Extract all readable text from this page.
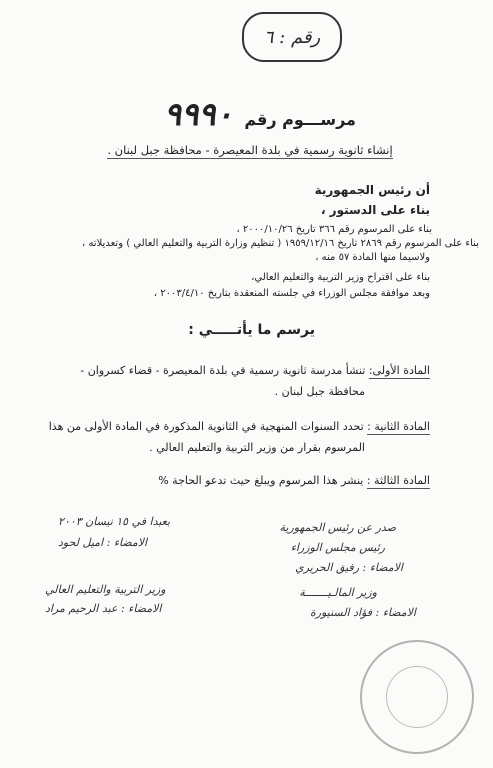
رقم : ٦
مرســـوم رقم ٩٩٩٠
إنشاء ثانوية رسمية في بلدة المعيصرة - محافظة جبل لبنان .
أن رئيس الجمهورية
بناء على الدستور ،
بناء على المرسوم رقم ٣٦٦ تاريخ ٢٠٠٠/١٠/٢٦ ،
بناء على المرسوم رقم ٢٨٦٩ تاريخ ١٩٥٩/١٢/١٦ ( تنظيم وزارة التربية والتعليم العالي ) وتعديلاته ،
ولاسيما منها المادة ٥٧ منه ،
بناء على اقتراح وزير التربية والتعليم العالي،
وبعد موافقة مجلس الوزراء في جلسته المنعقدة بتاريخ ٢٠٠٣/٤/١٠ ،
يرسم ما يأتـــــي :
المادة الأولى: تنشأ مدرسة ثانوية رسمية في بلدة المعيصرة - قضاء كسروان -
محافظة جبل لبنان .
المادة الثانية : تحدد السنوات المنهجية في الثانوية المذكورة في المادة الأولى من هذا
المرسوم بقرار من وزير التربية والتعليم العالي .
المادة الثالثة : ينشر هذا المرسوم ويبلغ حيث تدعو الحاجة %
بعبدا في ١٥ نيسان ٢٠٠٣
الامضاء : اميل لحود
وزير التربية والتعليم العالي
الامضاء : عبد الرحيم مراد
صدر عن رئيس الجمهورية
رئيس مجلس الوزراء
الامضاء : رفيق الحريري
وزير المالـيـــــــة
الامضاء : فؤاد السنيورة
